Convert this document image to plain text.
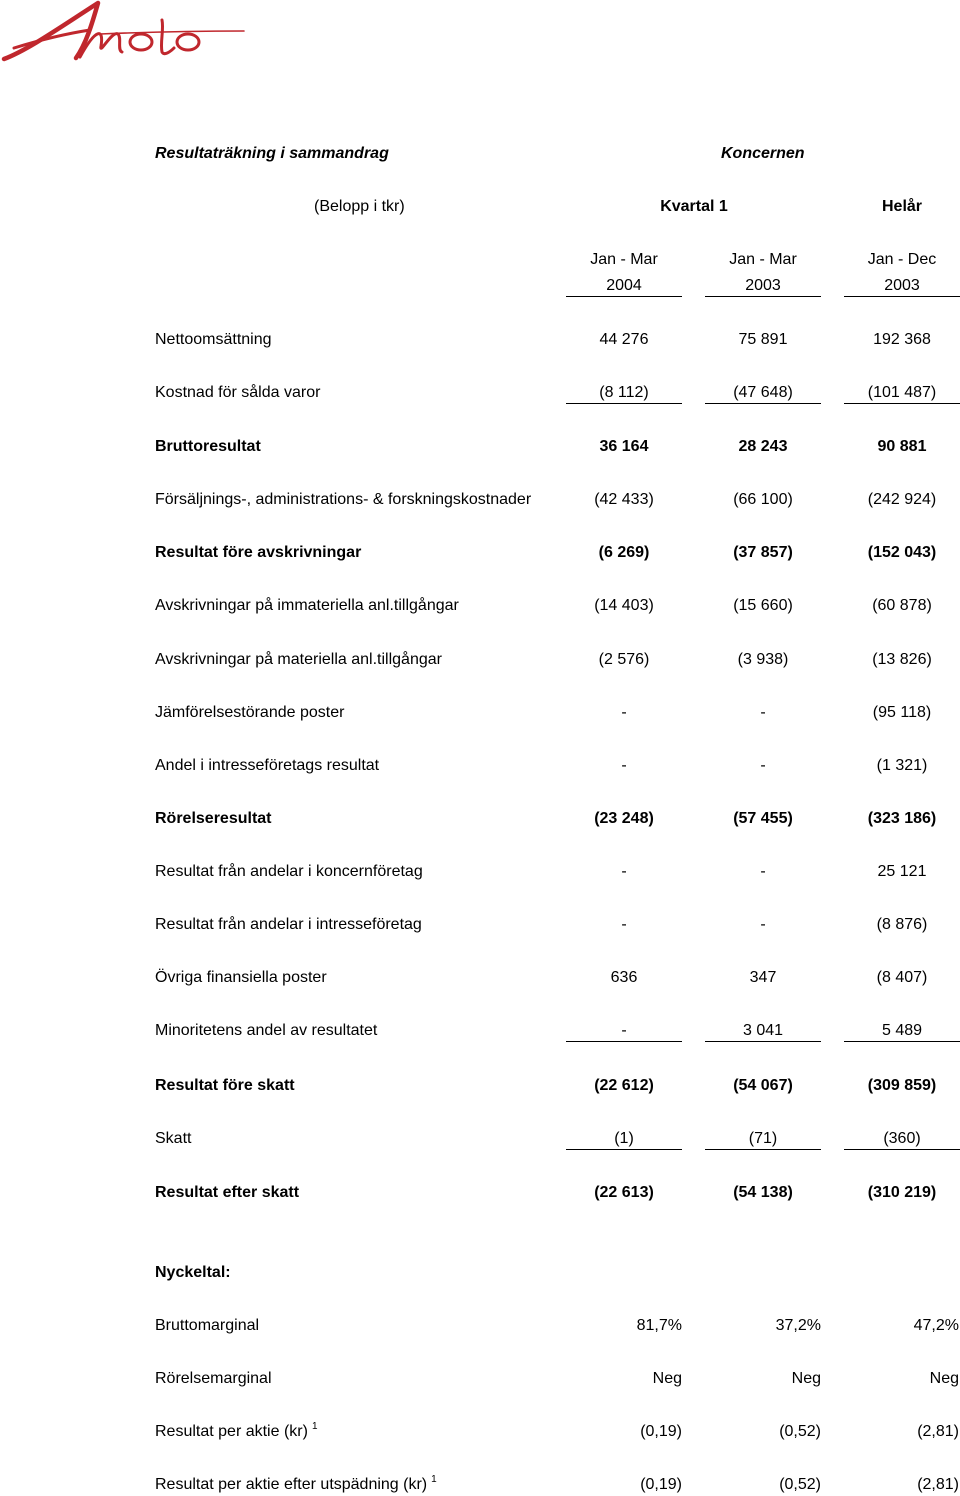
Resultaträkning i sammandrag	Koncernen
(Belopp i tkr)	Kvartal 1	Helår
Jan - Mar	Jan - Mar	Jan - Dec
2004	2003	2003
Nettoomsättning	44 276	75 891	192 368
Kostnad för sålda varor	(8 112)	(47 648)	(101 487)
Bruttoresultat	36 164	28 243	90 881
Försäljnings-, administrations- & forskningskostnader	(42 433)	(66 100)	(242 924)
Resultat före avskrivningar	(6 269)	(37 857)	(152 043)
Avskrivningar på immateriella anl.tillgångar	(14 403)	(15 660)	(60 878)
Avskrivningar på materiella anl.tillgångar	(2 576)	(3 938)	(13 826)
Jämförelsestörande poster	-	-	(95 118)
Andel i intresseföretags resultat	-	-	(1 321)
Rörelseresultat	(23 248)	(57 455)	(323 186)
Resultat från andelar i koncernföretag	-	-	25 121
Resultat från andelar i intresseföretag	-	-	(8 876)
Övriga finansiella poster	636	347	(8 407)
Minoritetens andel av resultatet	-	3 041	5 489
Resultat före skatt	(22 612)	(54 067)	(309 859)
Skatt	(1)	(71)	(360)
Resultat efter skatt	(22 613)	(54 138)	(310 219)
Nyckeltal:
Bruttomarginal	81,7%	37,2%	47,2%
Rörelsemarginal	Neg	Neg	Neg
Resultat per aktie (kr) $^1$	(0,19)	(0,52)	(2,81)
Resultat per aktie efter utspädning (kr) $^1$	(0,19)	(0,52)	(2,81)
